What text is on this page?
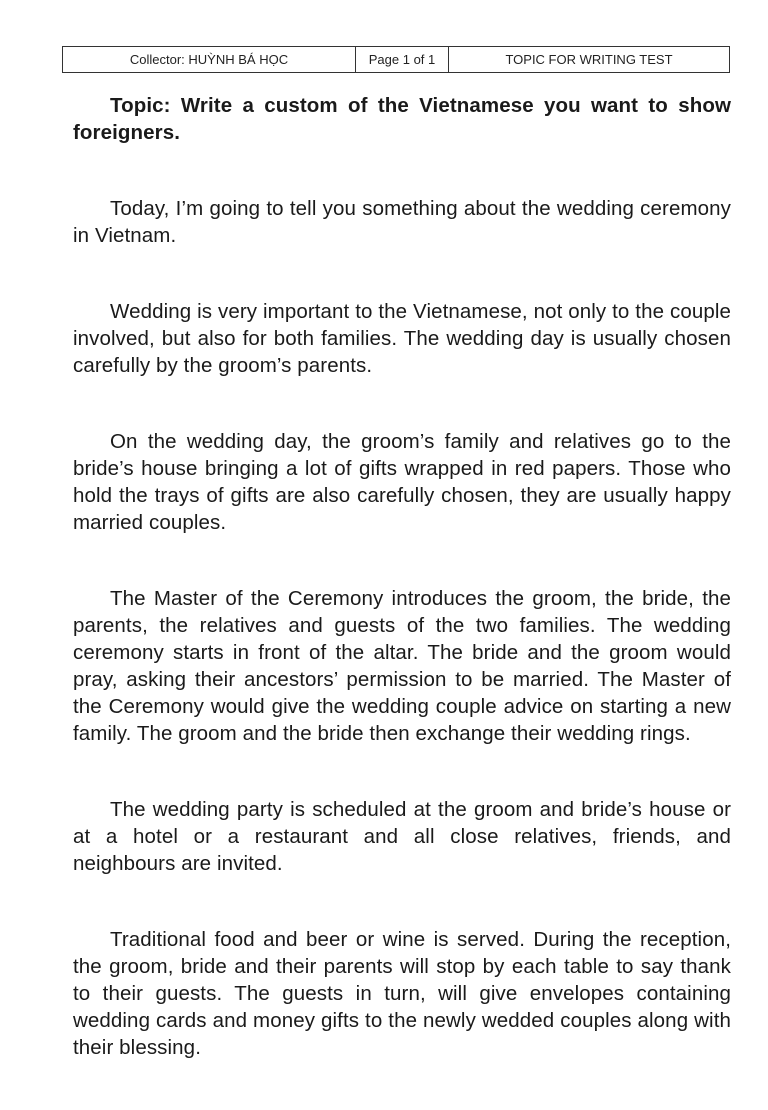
Collector: HUỲNH BÁ HỌC	Page 1 of 1	TOPIC FOR WRITING TEST

Topic: Write a custom of the Vietnamese you want to show foreigners.

Today, I’m going to tell you something about the wedding ceremony in Vietnam.

Wedding is very important to the Vietnamese, not only to the couple involved, but also for both families. The wedding day is usually chosen carefully by the groom’s parents.

On the wedding day, the groom’s family and relatives go to the bride’s house bringing a lot of gifts wrapped in red papers. Those who hold the trays of gifts are also carefully chosen, they are usually happy married couples.

The Master of the Ceremony introduces the groom, the bride, the parents, the relatives and guests of the two families. The wedding ceremony starts in front of the altar. The bride and the groom would pray, asking their ancestors’ permission to be married. The Master of the Ceremony would give the wedding couple advice on starting a new family. The groom and the bride then exchange their wedding rings.

The wedding party is scheduled at the groom and bride’s house or at a hotel or a restaurant and all close relatives, friends, and neighbours are invited.

Traditional food and beer or wine is served. During the reception, the groom, bride and their parents will stop by each table to say thank to their guests. The guests in turn, will give envelopes containing wedding cards and money gifts to the newly wedded couples along with their blessing.
